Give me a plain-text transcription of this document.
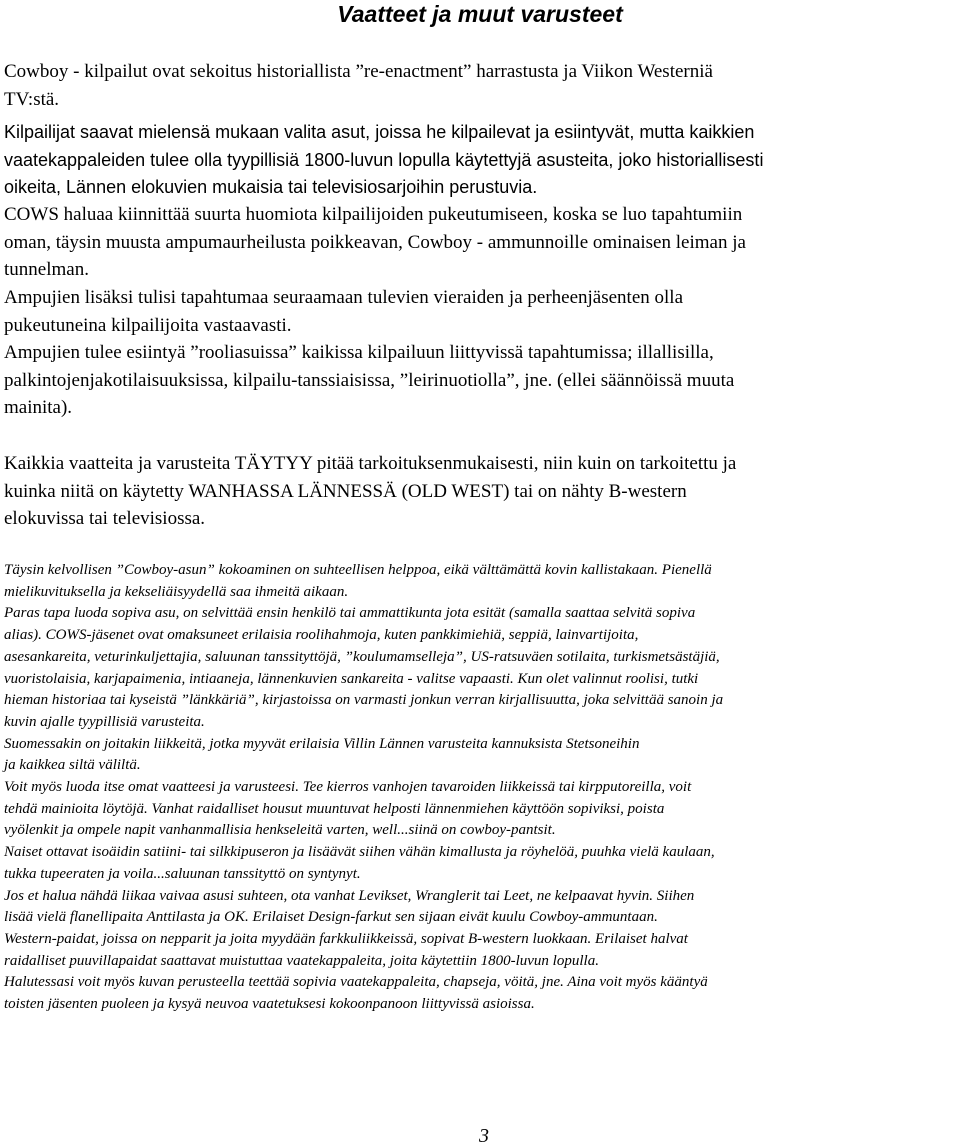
Vaatteet ja muut varusteet

Cowboy - kilpailut ovat sekoitus historiallista ”re-enactment” harrastusta ja Viikon Westerniä
TV:stä.

Kilpailijat saavat mielensä mukaan valita asut, joissa he kilpailevat ja esiintyvät, mutta kaikkien
vaatekappaleiden tulee olla tyypillisiä 1800-luvun lopulla käytettyjä asusteita, joko historiallisesti
oikeita, Lännen elokuvien mukaisia tai televisiosarjoihin perustuvia.

COWS haluaa kiinnittää suurta huomiota kilpailijoiden pukeutumiseen, koska se luo tapahtumiin
oman, täysin muusta ampumaurheilusta poikkeavan, Cowboy - ammunnoille ominaisen leiman ja
tunnelman.

Ampujien lisäksi tulisi tapahtumaa seuraamaan tulevien vieraiden ja perheenjäsenten olla
pukeutuneina kilpailijoita vastaavasti.

Ampujien tulee esiintyä ”rooliasuissa” kaikissa kilpailuun liittyvissä tapahtumissa; illallisilla,
palkintojenjakotilaisuuksissa, kilpailu-tanssiaisissa, ”leirinuotiolla”, jne. (ellei säännöissä muuta
mainita).

Kaikkia vaatteita ja varusteita TÄYTYY pitää tarkoituksenmukaisesti, niin kuin on tarkoitettu ja
kuinka niitä on käytetty WANHASSA LÄNNESSÄ (OLD WEST) tai on nähty B-western
elokuvissa tai televisiossa.

Täysin kelvollisen ”Cowboy-asun” kokoaminen on suhteellisen helppoa, eikä välttämättä kovin kallistakaan. Pienellä
mielikuvituksella ja kekseliäisyydellä saa ihmeitä aikaan.
Paras tapa luoda sopiva asu, on selvittää ensin henkilö tai ammattikunta jota esität (samalla saattaa selvitä sopiva
alias). COWS-jäsenet ovat omaksuneet erilaisia roolihahmoja, kuten pankkimiehiä, seppiä, lainvartijoita,
asesankareita, veturinkuljettajia, saluunan tanssityttöjä, ”koulumamselleja”, US-ratsuväen sotilaita, turkismetsästäjiä,
vuoristolaisia, karjapaimenia, intiaaneja, lännenkuvien sankareita - valitse vapaasti. Kun olet valinnut roolisi, tutki
hieman historiaa tai kyseistä ”länkkäriä”, kirjastoissa on varmasti jonkun verran kirjallisuutta, joka selvittää sanoin ja
kuvin ajalle tyypillisiä varusteita.
Suomessakin on joitakin liikkeitä, jotka myyvät erilaisia Villin Lännen varusteita kannuksista Stetsoneihin
ja kaikkea siltä väliltä.
Voit myös luoda itse omat vaatteesi ja varusteesi. Tee kierros vanhojen tavaroiden liikkeissä tai kirpputoreilla, voit
tehdä mainioita löytöjä. Vanhat raidalliset housut muuntuvat helposti lännenmiehen käyttöön sopiviksi, poista
vyölenkit ja ompele napit vanhanmallisia henkseleitä varten, well...siinä on cowboy-pantsit.
Naiset ottavat isoäidin satiini- tai silkkipuseron ja lisäävät siihen vähän kimallusta ja röyhelöä, puuhka vielä kaulaan,
tukka tupeeraten ja voila...saluunan tanssityttö on syntynyt.
Jos et halua nähdä liikaa vaivaa asusi suhteen, ota vanhat Levikset, Wranglerit tai Leet, ne kelpaavat hyvin. Siihen
lisää vielä flanellipaita Anttilasta ja OK. Erilaiset Design-farkut sen sijaan eivät kuulu Cowboy-ammuntaan.
Western-paidat, joissa on nepparit ja joita myydään farkkuliikkeissä, sopivat B-western luokkaan. Erilaiset halvat
raidalliset puuvillapaidat saattavat muistuttaa vaatekappaleita, joita käytettiin 1800-luvun lopulla.
Halutessasi voit myös kuvan perusteella teettää sopivia vaatekappaleita, chapseja, vöitä, jne. Aina voit myös kääntyä
toisten jäsenten puoleen ja kysyä neuvoa vaatetuksesi kokoonpanoon liittyvissä asioissa.
3
